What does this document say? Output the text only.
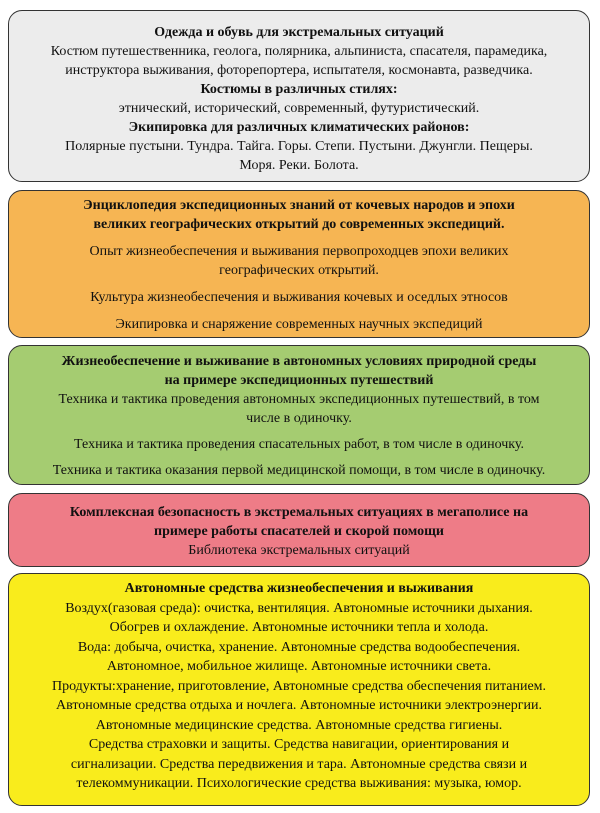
Одежда и обувь для экстремальных ситуаций

Костюм путешественника, геолога, полярника, альпиниста, спасателя, парамедика,

инструктора выживания, фоторепортера, испытателя, космонавта, разведчика.

Костюмы в различных стилях:

этнический, исторический, современный, футуристический.

Экипировка для различных климатических районов:

Полярные пустыни. Тундра. Тайга. Горы. Степи. Пустыни. Джунгли. Пещеры.

Моря. Реки. Болота.

Энциклопедия экспедиционных знаний от кочевых народов и эпохи

великих географических открытий до современных экспедиций.

Опыт жизнеобеспечения и выживания первопроходцев эпохи великих

географических открытий.

Культура жизнеобеспечения и выживания кочевых и оседлых этносов

Экипировка и снаряжение современных научных экспедиций

Жизнеобеспечение и выживание в автономных условиях природной среды

на примере экспедиционных путешествий

Техника и тактика проведения автономных экспедиционных путешествий, в том

числе в одиночку.

Техника и тактика проведения спасательных работ, в том числе в одиночку.

Техника и тактика оказания первой медицинской помощи, в том числе в одиночку.

Комплексная безопасность в экстремальных ситуациях в мегаполисе на

примере работы спасателей и скорой помощи

Библиотека экстремальных ситуаций

Автономные средства жизнеобеспечения и выживания

Воздух(газовая среда): очистка, вентиляция. Автономные источники дыхания.

Обогрев и охлаждение. Автономные источники тепла и холода.

Вода: добыча, очистка, хранение. Автономные средства водообеспечения.

Автономное, мобильное жилище. Автономные источники света.

Продукты:хранение, приготовление, Автономные средства обеспечения питанием.

Автономные средства отдыха и ночлега. Автономные источники электроэнергии.

Автономные медицинские средства. Автономные средства гигиены.

Средства страховки и защиты. Средства навигации, ориентирования и

сигнализации. Средства передвижения и тара. Автономные средства связи и

телекоммуникации. Психологические средства выживания: музыка, юмор.
